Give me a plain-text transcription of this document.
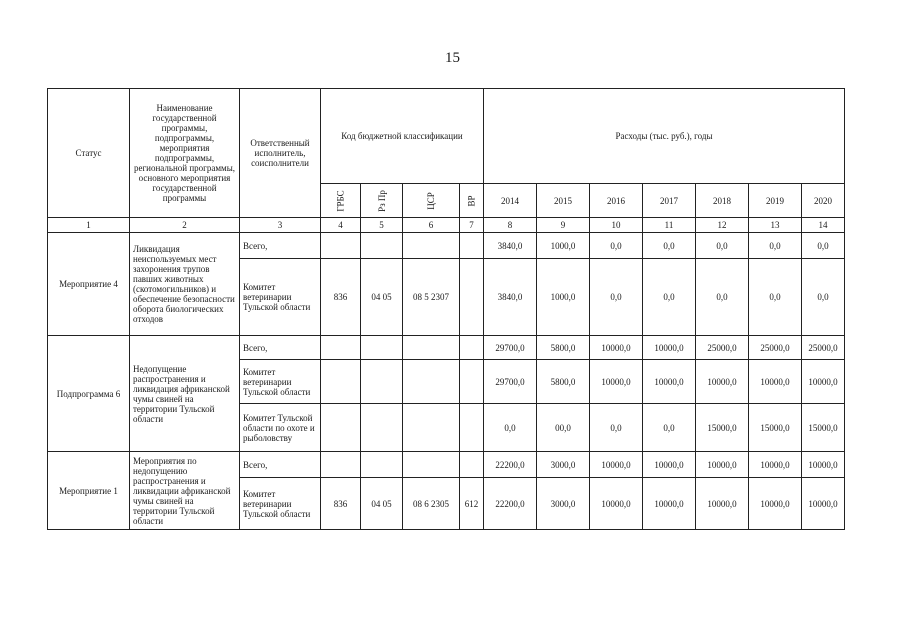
15
Статус	Наименование государственной программы, подпрограммы, мероприятия подпрограммы, региональной программы, основного мероприятия государственной программы	Ответственный исполнитель, соисполнители	Код бюджетной классификации				Расходы (тыс. руб.), годы						
			ГРБС	Рз Пр	ЦСР	ВР	2014	2015	2016	2017	2018	2019	2020
1	2	3	4	5	6	7	8	9	10	11	12	13	14
Мероприятие 4	Ликвидация неиспользуемых мест захоронения трупов павших животных (скотомогильников) и обеспечение безопасности оборота биологических отходов	Всего,					3840,0	1000,0	0,0	0,0	0,0	0,0	0,0
		Комитет ветеринарии Тульской области	836	04 05	08 5 2307		3840,0	1000,0	0,0	0,0	0,0	0,0	0,0
Подпрограмма 6	Недопущение распространения и ликвидация африканской чумы свиней на территории Тульской области	Всего,					29700,0	5800,0	10000,0	10000,0	25000,0	25000,0	25000,0
		Комитет ветеринарии Тульской области					29700,0	5800,0	10000,0	10000,0	10000,0	10000,0	10000,0
		Комитет Тульской области по охоте и рыболовству					0,0	00,0	0,0	0,0	15000,0	15000,0	15000,0
Мероприятие 1	Мероприятия по недопущению распространения и ликвидации африканской чумы свиней на территории Тульской области	Всего,					22200,0	3000,0	10000,0	10000,0	10000,0	10000,0	10000,0
		Комитет ветеринарии Тульской области	836	04 05	08 6 2305	612	22200,0	3000,0	10000,0	10000,0	10000,0	10000,0	10000,0
